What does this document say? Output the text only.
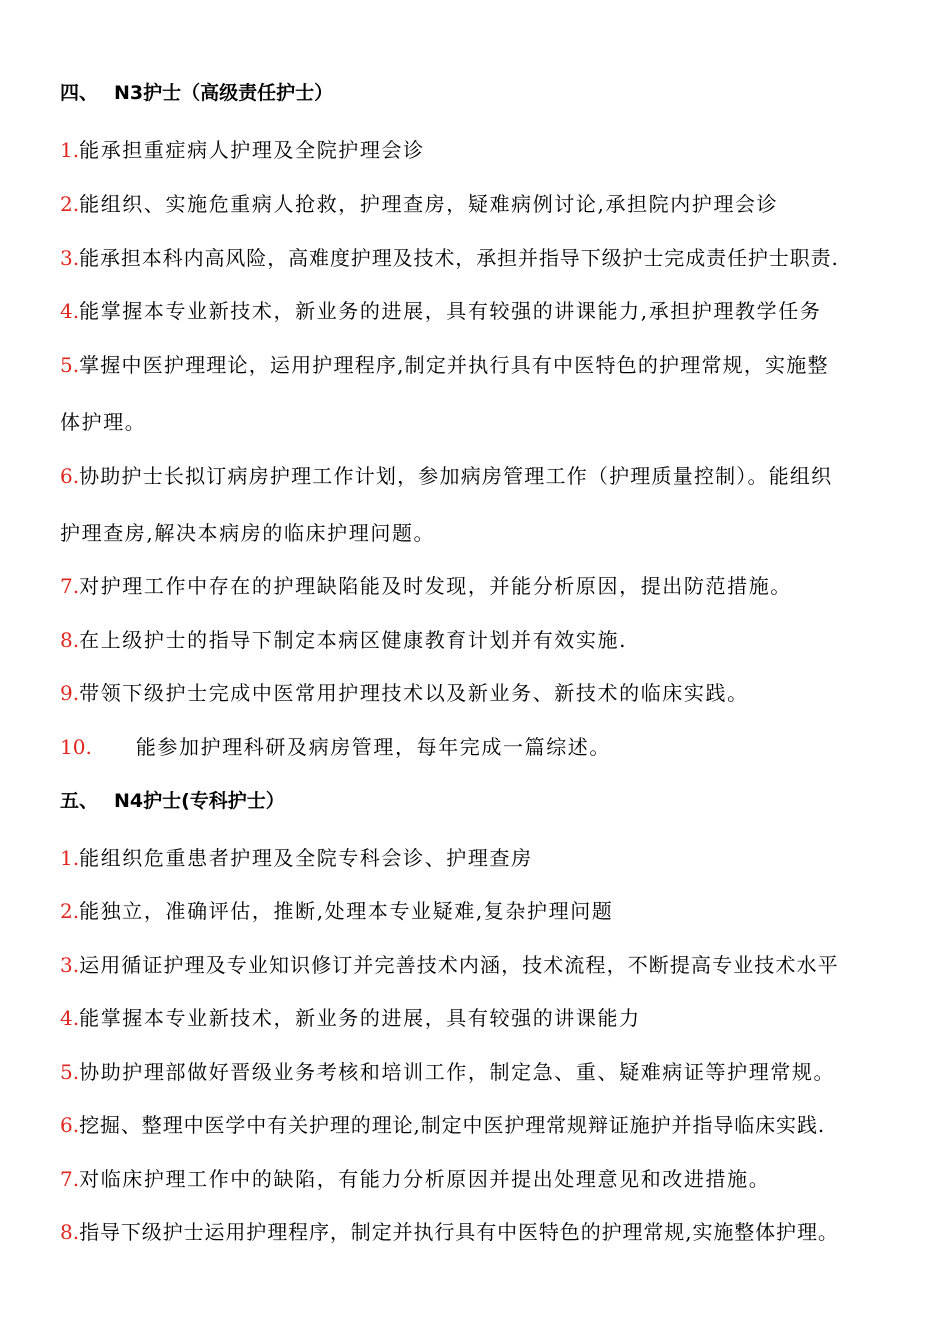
四、 N3护士（高级责任护士）
1.能承担重症病人护理及全院护理会诊
2.能组织、实施危重病人抢救，护理查房，疑难病例讨论,承担院内护理会诊
3.能承担本科内高风险，高难度护理及技术，承担并指导下级护士完成责任护士职责.
4.能掌握本专业新技术，新业务的进展，具有较强的讲课能力,承担护理教学任务
5.掌握中医护理理论，运用护理程序,制定并执行具有中医特色的护理常规，实施整
体护理。
6.协助护士长拟订病房护理工作计划，参加病房管理工作（护理质量控制）。能组织
护理查房,解决本病房的临床护理问题。
7.对护理工作中存在的护理缺陷能及时发现，并能分析原因，提出防范措施。
8.在上级护士的指导下制定本病区健康教育计划并有效实施.
9.带领下级护士完成中医常用护理技术以及新业务、新技术的临床实践。
10. 能参加护理科研及病房管理，每年完成一篇综述。
五、 N4护士(专科护士）
1.能组织危重患者护理及全院专科会诊、护理查房
2.能独立，准确评估，推断,处理本专业疑难,复杂护理问题
3.运用循证护理及专业知识修订并完善技术内涵，技术流程，不断提高专业技术水平
4.能掌握本专业新技术，新业务的进展，具有较强的讲课能力
5.协助护理部做好晋级业务考核和培训工作，制定急、重、疑难病证等护理常规。
6.挖掘、整理中医学中有关护理的理论,制定中医护理常规辩证施护并指导临床实践.
7.对临床护理工作中的缺陷，有能力分析原因并提出处理意见和改进措施。
8.指导下级护士运用护理程序，制定并执行具有中医特色的护理常规,实施整体护理。
